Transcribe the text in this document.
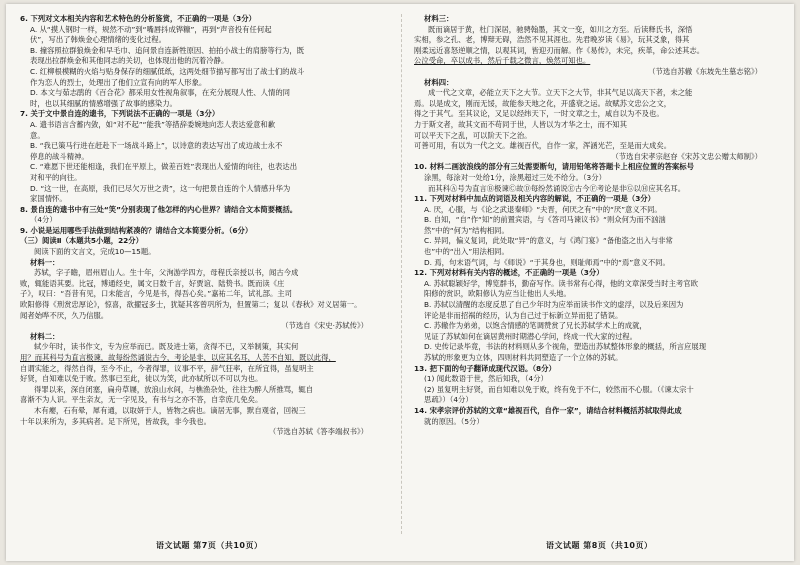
6. 下列对文本相关内容和艺术特色的分析鉴赏，不正确的一项是（3分）

A. 从“摸人钢时一样，规然不动”到“嘴唇抖成铧糠”，再到“声音投有任何起

伏”，写出了韩焕金心理情绪的变化过程。

B. 撞容照拉群狼焕金和早毛巾、追问景自连新牲原因、拍拍小战士的肩膀等行为，既

表现出拉群焕金和其他同志的关切，也体现出他的沉着冷静。

C. 红柳根模糊的火焰与贴身保存的细腻低纸，这两处细节描写都写出了战士们的战斗

作为恋人的烈士，处理出了他们立宣有向的军人形象。

D. 本文与茹志鹃的《百合花》都采用女性视角叙事，在充分展现人性、人情的同

时，也以其细腻的情感增强了故事的感染力。

7. 关于文中景自连的遗书，下列说法不正确的一项是（3分）

A. 遗书语言含蓄内敛，如“对不起”“能我”等措辞委婉地向恋人表达爱意和歉

意。

B. “我已策马行进在赶赴下一场战斗路上”，以诗意的表达写出了成边战士永不

停息的战斗精神。

C. “难愿下世还能相逢，我们在平原上，做差百姓”表现出人爱情的向往，也表达出

对和平的向往。

D. “这一世，在高原，我们已尽欠万世之责”，这一句把景自连的个人情感升华为

家国情怀。

8. 景自连的遗书中有三处“笑”分别表现了他怎样的内心世界？请结合文本简要概括。

（4分）

9. 小说是运用哪些手法做到结构紧凑的？请结合文本简要分析。（6分）

（三）阅读Ⅱ（本题共5小题，22分）

阅读下面的文言文，完成10—15题。

材料一：

苏轼，字子瞻，眉州眉山人。生十年，父洵游学四方，母程氏亲授以书，闻古今成

败，辄能语其要。比冠，博通经史，属文日数千言，好贾谊、陆贽书。既而读《庄

子》，叹曰：“吾昔有见，口未能言，今见是书，得吾心矣。”嘉祐二年，试礼部。主司

欧阳修得《刑赏忠厚论》，惊喜，欲擢冠多士，犹疑其客曾巩所为，但置第二；复以《春秋》对义居第一。

闻者始哗不厌，久乃信服。

（节选自《宋史·苏轼传》）

材料二：

轼少年时，读书作文，专为应举而已。既及进士第，贪得不已，又举制策，其实何

用？而其科号为直言极谏，故每纷然诵说古今，考论是非，以应其名耳，人苦不自知，既以此得，

自谓实能之，得然自得，至今不止，今者得罪，议事不平，辞气狂率，在所宜得，虽复明主

好贤，自知难以免于败。然事已至此，徒以为笑，此亦轼所以不可以为也。

得罪以来，深自闭塞，扁舟草屦，放浪山水间，与樵渔杂处，往往为醉人所推骂，辄自

喜渐不为人识。平生亲友，无一字见及，有书与之亦不答，自幸庶几免矣。

木有瘿，石有晕，犀有通，以取妍于人，皆物之病也。谪居无事，默自观省，回视三

十年以来所为，多其病者。足下所见，皆故我，非今我也。

（节选自苏轼《答李端叔书》）

材料三：

既而谪居于黄，杜门深居，驰骋翰墨，其文一变，如川之方至。后读释氏书，深悟

实相，参之孔、老，博辩无碍，浩然不见其涯也。先君晚岁读《易》，玩其爻象，得其

刚柔远近喜怒逆顺之情，以观其词，皆迎刃而解。作《易传》，未完，疾革，命公述其志。

公泣受命，卒以成书，然后千载之微言，焕然可知也。

（节选自苏辙《东坡先生墓志铭》）

材料四：

成一代之文章，必能立天下之大节。立天下之大节，非其气足以高天下者，未之能

焉。以是成文，刚而无馁，故能参天地之化，开盛衰之运。故赋苏文忠公之文，

得之于其气。至其议论，又足以经纬天下，一时文章之士，咸自以为不及也。

力于斯文者，故其文而不苟同于世，人皆以为才华之士，而不知其

可以平天下之乱，可以阶天下之治。

可善可用，有以为一代之文。雄视百代，自作一家，浑涵光芒，至是而大成矣。

（节选自宋孝宗赵昚《宋苏文忠公赠太师制》）

10. 材料二画波浪线的部分有三处需要断句，请用铅笔将答题卡上相应位置的答案标号

涂黑，每涂对一处给1分，涂黑超过三处不给分。（3分）

而其科Ⓐ号为直言Ⓑ极谏Ⓒ故Ⓓ每纷然诵说Ⓔ古今Ⓕ考论是非Ⓖ以Ⓗ应其名耳。

11. 下列对材料中加点的词语及相关内容的解说，不正确的一项是（3分）

A. 厌，心服，与《论之武退秦师》“夫晋，何厌之有”中的“厌”意义不同。

B. 自知，“自”作“知”的前置宾语，与《答司马谏议书》“则众何为而不汹汹

然”中的“何为”结构相同。

C. 异同，偏义复词，此处取“异”的意义，与《鸿门宴》“备他盗之出入与非常

也”中的“出入”用法相同。

D. 焉，句末语气词，与《师说》“于其身也，则耻师焉”中的“焉”意义不同。

12. 下列对材料有关内容的概述，不正确的一项是（3分）

A. 苏轼聪颖好学，博览群书，勤奋写作。读书常有心得，他的文章深受当时主考官欧

阳修的赏识，欧阳修认为应当让他出人头地。

B. 苏轼以清醒的态度反思了自己少年时为应举而读书作文的虚浮，以及后来因为

评论是非而招祸的经历，认为自己过于标新立异而犯了错误。

C. 苏辙作为弟弟，以饱含情感的笔调赞赏了兄长苏轼学术上的成就，

见证了苏轼如何在谪居黄州时期潜心学问，终成一代大家的过程。

D. 史传记录毕竟，书法的材料则从多个视角，塑造出苏轼整体形象的概括，所言应展现

苏轼的形象更为立体，四则材料共同塑造了一个立体的苏轼。

13. 把下面的句子翻译成现代汉语。（8分）

(1) 闻此数语于世，然后知我，（4分）

(2) 虽复明主好贤，而自知难以免于败，终有免于不仁，较然而不心服。（《谏太宗十

思疏》）（4分）

14. 宋孝宗评价苏轼的文章“雄视百代，自作一家”，请结合材料概括苏轼取得此成

就的原因。（5分）

语文试题 第7页（共10页）	语文试题 第8页（共10页）
